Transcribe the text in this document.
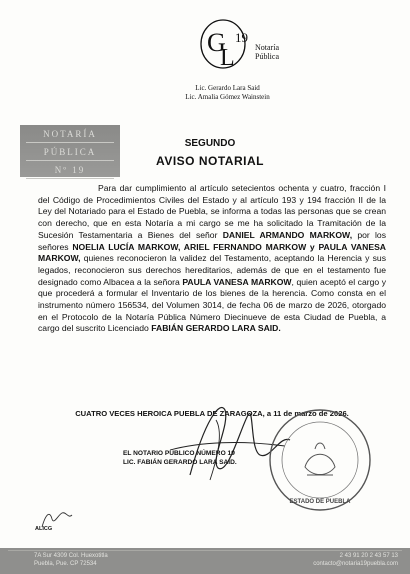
G
L
19
Notaría
Pública
Lic. Gerardo Lara Said
Lic. Amalia Gómez Wainstein
NOTARÍA
PÚBLICA
Nº 19
SEGUNDO
AVISO NOTARIAL

Para dar cumplimiento al artículo setecientos ochenta y cuatro, fracción I del Código de Procedimientos Civiles del Estado y al artículo 193 y 194 fracción II de la Ley del Notariado para el Estado de Puebla, se informa a todas las personas que se crean con derecho, que en esta Notaría a mi cargo se me ha solicitado la Tramitación de la Sucesión Testamentaria a Bienes del señor DANIEL ARMANDO MARKOW, por los señores NOELIA LUCÍA MARKOW, ARIEL FERNANDO MARKOW y PAULA VANESA MARKOW, quienes reconocieron la validez del Testamento, aceptando la Herencia y sus legados, reconocieron sus derechos hereditarios, además de que en el testamento fue designado como Albacea a la señora PAULA VANESA MARKOW, quien aceptó el cargo y que procederá a formular el Inventario de los bienes de la herencia. Como consta en el instrumento número 156534, del Volumen 3014, de fecha 06 de marzo de 2026, otorgado en el Protocolo de la Notaría Pública Número Diecinueve de esta Ciudad de Puebla, a cargo del suscrito Licenciado FABIÁN GERARDO LARA SAID.

CUATRO VECES HEROICA PUEBLA DE ZARAGOZA, a 11 de marzo de 2026.
ESTADO DE PUEBLA
EL NOTARIO PÚBLICO NÚMERO 19
LIC. FABIÁN GERARDO LARA SAID.
ALICG
7A Sur 4309 Col. Huexotitla
Puebla, Pue. CP 72534
2 43 91 20 2 43 57 13
contacto@notaria19puebla.com
